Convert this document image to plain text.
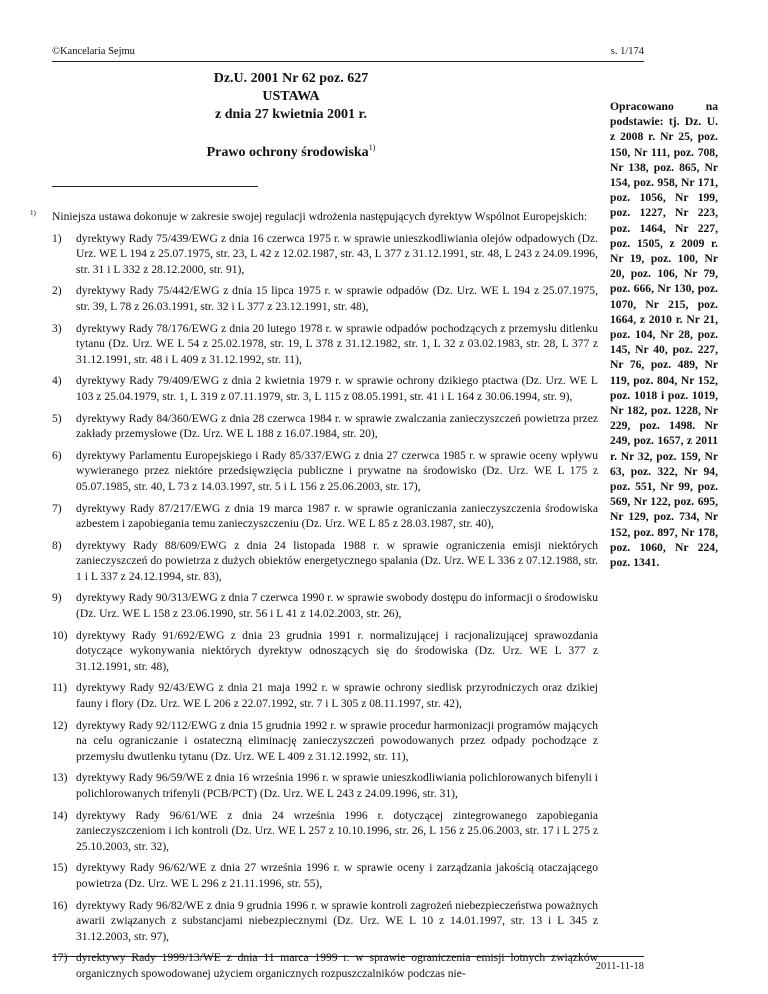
©Kancelaria Sejmu	s. 1/174
Dz.U. 2001 Nr 62 poz. 627
USTAWA
z dnia 27 kwietnia 2001 r.
Prawo ochrony środowiska$^{1)}$
Opracowano na podstawie: tj. Dz. U. z 2008 r. Nr 25, poz. 150, Nr 111, poz. 708, Nr 138, poz. 865, Nr 154, poz. 958, Nr 171, poz. 1056, Nr 199, poz. 1227, Nr 223, poz. 1464, Nr 227, poz. 1505, z 2009 r. Nr 19, poz. 100, Nr 20, poz. 106, Nr 79, poz. 666, Nr 130, poz. 1070, Nr 215, poz. 1664, z 2010 r. Nr 21, poz. 104, Nr 28, poz. 145, Nr 40, poz. 227, Nr 76, poz. 489, Nr 119, poz. 804, Nr 152, poz. 1018 i poz. 1019, Nr 182, poz. 1228, Nr 229, poz. 1498. Nr 249, poz. 1657, z 2011 r. Nr 32, poz. 159, Nr 63, poz. 322, Nr 94, poz. 551, Nr 99, poz. 569, Nr 122, poz. 695, Nr 129, poz. 734, Nr 152, poz. 897, Nr 178, poz. 1060, Nr 224, poz. 1341.
1)	Niniejsza ustawa dokonuje w zakresie swojej regulacji wdrożenia następujących dyrektyw Wspólnot Europejskich:
1) dyrektywy Rady 75/439/EWG z dnia 16 czerwca 1975 r. w sprawie unieszkodliwiania olejów odpadowych (Dz. Urz. WE L 194 z 25.07.1975, str. 23, L 42 z 12.02.1987, str. 43, L 377 z 31.12.1991, str. 48, L 243 z 24.09.1996, str. 31 i L 332 z 28.12.2000, str. 91),
2) dyrektywy Rady 75/442/EWG z dnia 15 lipca 1975 r. w sprawie odpadów (Dz. Urz. WE L 194 z 25.07.1975, str. 39, L 78 z 26.03.1991, str. 32 i L 377 z 23.12.1991, str. 48),
3) dyrektywy Rady 78/176/EWG z dnia 20 lutego 1978 r. w sprawie odpadów pochodzących z przemysłu ditlenku tytanu (Dz. Urz. WE L 54 z 25.02.1978, str. 19, L 378 z 31.12.1982, str. 1, L 32 z 03.02.1983, str. 28, L 377 z 31.12.1991, str. 48 i L 409 z 31.12.1992, str. 11),
4) dyrektywy Rady 79/409/EWG z dnia 2 kwietnia 1979 r. w sprawie ochrony dzikiego ptactwa (Dz. Urz. WE L 103 z 25.04.1979, str. 1, L 319 z 07.11.1979, str. 3, L 115 z 08.05.1991, str. 41 i L 164 z 30.06.1994, str. 9),
5) dyrektywy Rady 84/360/EWG z dnia 28 czerwca 1984 r. w sprawie zwalczania zanieczyszczeń powietrza przez zakłady przemysłowe (Dz. Urz. WE L 188 z 16.07.1984, str. 20),
6) dyrektywy Parlamentu Europejskiego i Rady 85/337/EWG z dnia 27 czerwca 1985 r. w sprawie oceny wpływu wywieranego przez niektóre przedsięwzięcia publiczne i prywatne na środowisko (Dz. Urz. WE L 175 z 05.07.1985, str. 40, L 73 z 14.03.1997, str. 5 i L 156 z 25.06.2003, str. 17),
7) dyrektywy Rady 87/217/EWG z dnia 19 marca 1987 r. w sprawie ograniczania zanieczyszczenia środowiska azbestem i zapobiegania temu zanieczyszczeniu (Dz. Urz. WE L 85 z 28.03.1987, str. 40),
8) dyrektywy Rady 88/609/EWG z dnia 24 listopada 1988 r. w sprawie ograniczenia emisji niektórych zanieczyszczeń do powietrza z dużych obiektów energetycznego spalania (Dz. Urz. WE L 336 z 07.12.1988, str. 1 i L 337 z 24.12.1994, str. 83),
9) dyrektywy Rady 90/313/EWG z dnia 7 czerwca 1990 r. w sprawie swobody dostępu do informacji o środowisku (Dz. Urz. WE L 158 z 23.06.1990, str. 56 i L 41 z 14.02.2003, str. 26),
10) dyrektywy Rady 91/692/EWG z dnia 23 grudnia 1991 r. normalizującej i racjonalizującej sprawozdania dotyczące wykonywania niektórych dyrektyw odnoszących się do środowiska (Dz. Urz. WE L 377 z 31.12.1991, str. 48),
11) dyrektywy Rady 92/43/EWG z dnia 21 maja 1992 r. w sprawie ochrony siedlisk przyrodniczych oraz dzikiej fauny i flory (Dz. Urz. WE L 206 z 22.07.1992, str. 7 i L 305 z 08.11.1997, str. 42),
12) dyrektywy Rady 92/112/EWG z dnia 15 grudnia 1992 r. w sprawie procedur harmonizacji programów mających na celu ograniczanie i ostateczną eliminację zanieczyszczeń powodowanych przez odpady pochodzące z przemysłu dwutlenku tytanu (Dz. Urz. WE L 409 z 31.12.1992, str. 11),
13) dyrektywy Rady 96/59/WE z dnia 16 września 1996 r. w sprawie unieszkodliwiania polichlorowanych bifenyli i polichlorowanych trifenyli (PCB/PCT) (Dz. Urz. WE L 243 z 24.09.1996, str. 31),
14) dyrektywy Rady 96/61/WE z dnia 24 września 1996 r. dotyczącej zintegrowanego zapobiegania zanieczyszczeniom i ich kontroli (Dz. Urz. WE L 257 z 10.10.1996, str. 26, L 156 z 25.06.2003, str. 17 i L 275 z 25.10.2003, str. 32),
15) dyrektywy Rady 96/62/WE z dnia 27 września 1996 r. w sprawie oceny i zarządzania jakością otaczającego powietrza (Dz. Urz. WE L 296 z 21.11.1996, str. 55),
16) dyrektywy Rady 96/82/WE z dnia 9 grudnia 1996 r. w sprawie kontroli zagrożeń niebezpieczeństwa poważnych awarii związanych z substancjami niebezpiecznymi (Dz. Urz. WE L 10 z 14.01.1997, str. 13 i L 345 z 31.12.2003, str. 97),
17) dyrektywy Rady 1999/13/WE z dnia 11 marca 1999 r. w sprawie ograniczenia emisji lotnych związków organicznych spowodowanej użyciem organicznych rozpuszczalników podczas nie-
2011-11-18
